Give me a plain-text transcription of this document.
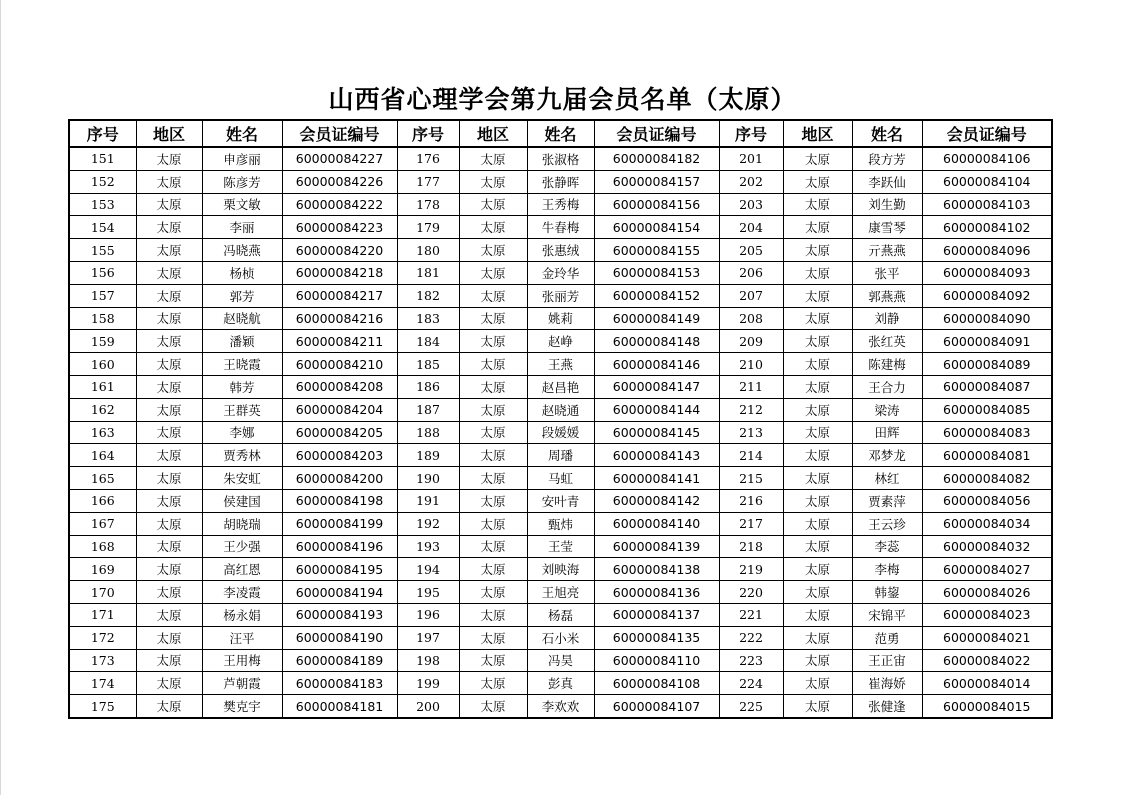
山西省心理学会第九届会员名单（太原）
序号	地区	姓名	会员证编号	序号	地区	姓名	会员证编号	序号	地区	姓名	会员证编号
151	太原	申彦丽	60000084227	176	太原	张淑格	60000084182	201	太原	段方芳	60000084106
152	太原	陈彦芳	60000084226	177	太原	张静晖	60000084157	202	太原	李跃仙	60000084104
153	太原	栗文敏	60000084222	178	太原	王秀梅	60000084156	203	太原	刘生勤	60000084103
154	太原	李丽	60000084223	179	太原	牛春梅	60000084154	204	太原	康雪琴	60000084102
155	太原	冯晓燕	60000084220	180	太原	张惠绒	60000084155	205	太原	亓燕燕	60000084096
156	太原	杨桢	60000084218	181	太原	金玲华	60000084153	206	太原	张平	60000084093
157	太原	郭芳	60000084217	182	太原	张丽芳	60000084152	207	太原	郭燕燕	60000084092
158	太原	赵晓航	60000084216	183	太原	姚莉	60000084149	208	太原	刘静	60000084090
159	太原	潘颖	60000084211	184	太原	赵峥	60000084148	209	太原	张红英	60000084091
160	太原	王晓霞	60000084210	185	太原	王燕	60000084146	210	太原	陈建梅	60000084089
161	太原	韩芳	60000084208	186	太原	赵昌艳	60000084147	211	太原	王合力	60000084087
162	太原	王群英	60000084204	187	太原	赵晓通	60000084144	212	太原	梁涛	60000084085
163	太原	李娜	60000084205	188	太原	段媛媛	60000084145	213	太原	田辉	60000084083
164	太原	贾秀林	60000084203	189	太原	周璠	60000084143	214	太原	邓梦龙	60000084081
165	太原	朱安虹	60000084200	190	太原	马虹	60000084141	215	太原	林红	60000084082
166	太原	侯建国	60000084198	191	太原	安叶青	60000084142	216	太原	贾素萍	60000084056
167	太原	胡晓瑞	60000084199	192	太原	甄炜	60000084140	217	太原	王云珍	60000084034
168	太原	王少强	60000084196	193	太原	王莹	60000084139	218	太原	李蕊	60000084032
169	太原	高红恩	60000084195	194	太原	刘映海	60000084138	219	太原	李梅	60000084027
170	太原	李凌霞	60000084194	195	太原	王旭亮	60000084136	220	太原	韩鋆	60000084026
171	太原	杨永娟	60000084193	196	太原	杨磊	60000084137	221	太原	宋锦平	60000084023
172	太原	汪平	60000084190	197	太原	石小米	60000084135	222	太原	范勇	60000084021
173	太原	王用梅	60000084189	198	太原	冯昊	60000084110	223	太原	王正宙	60000084022
174	太原	芦朝霞	60000084183	199	太原	彭真	60000084108	224	太原	崔海娇	60000084014
175	太原	樊克宇	60000084181	200	太原	李欢欢	60000084107	225	太原	张健逢	60000084015
